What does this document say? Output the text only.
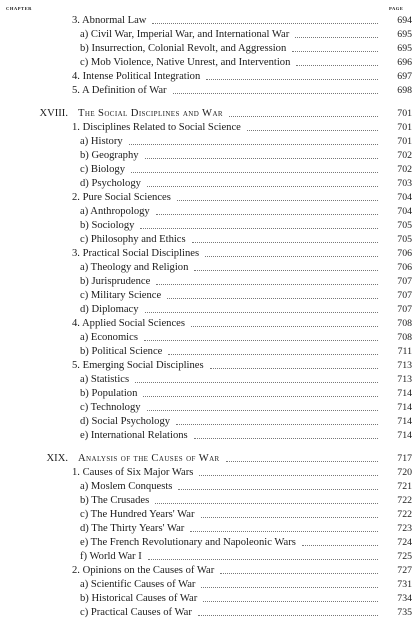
CHAPTER	PAGE
3. Abnormal Law	694
a) Civil War, Imperial War, and International War	695
b) Insurrection, Colonial Revolt, and Aggression	695
c) Mob Violence, Native Unrest, and Intervention	696
4. Intense Political Integration	697
5. A Definition of War	698
XVIII. The Social Disciplines and War	701
1. Disciplines Related to Social Science	701
a) History	701
b) Geography	702
c) Biology	702
d) Psychology	703
2. Pure Social Sciences	704
a) Anthropology	704
b) Sociology	705
c) Philosophy and Ethics	705
3. Practical Social Disciplines	706
a) Theology and Religion	706
b) Jurisprudence	707
c) Military Science	707
d) Diplomacy	707
4. Applied Social Sciences	708
a) Economics	708
b) Political Science	711
5. Emerging Social Disciplines	713
a) Statistics	713
b) Population	714
c) Technology	714
d) Social Psychology	714
e) International Relations	714
XIX. Analysis of the Causes of War	717
1. Causes of Six Major Wars	720
a) Moslem Conquests	721
b) The Crusades	722
c) The Hundred Years' War	722
d) The Thirty Years' War	723
e) The French Revolutionary and Napoleonic Wars	724
f) World War I	725
2. Opinions on the Causes of War	727
a) Scientific Causes of War	731
b) Historical Causes of War	734
c) Practical Causes of War	735
